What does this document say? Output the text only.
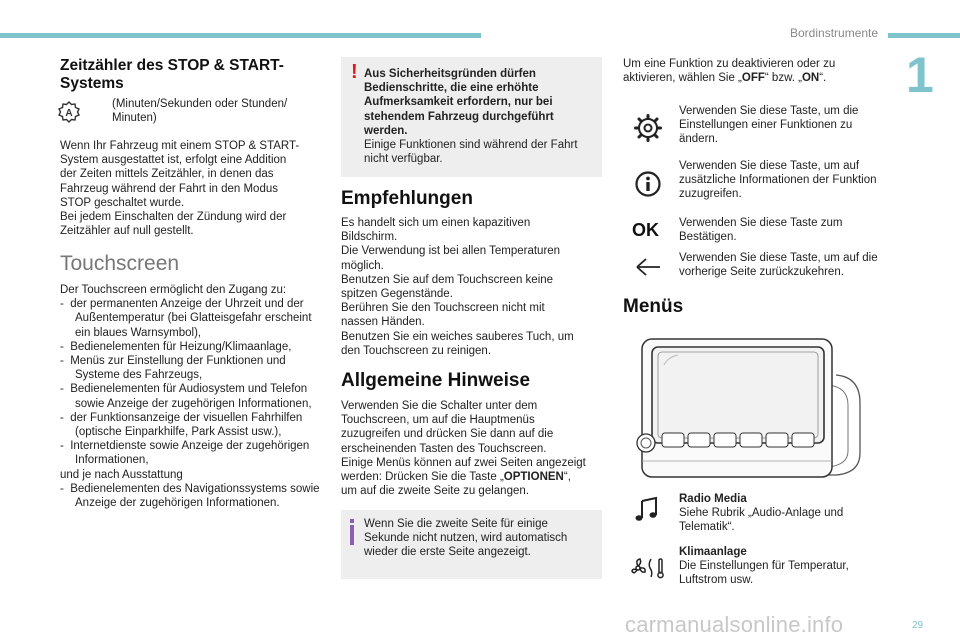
Bordinstrumente
1
Zeitzähler des STOP & START-Systems
A
(Minuten/Sekunden oder Stunden/ Minuten)
Wenn Ihr Fahrzeug mit einem STOP & START-
System ausgestattet ist, erfolgt eine Addition
der Zeiten mittels Zeitzähler, in denen das
Fahrzeug während der Fahrt in den Modus
STOP geschaltet wurde.
Bei jedem Einschalten der Zündung wird der
Zeitzähler auf null gestellt.
Touchscreen
Der Touchscreen ermöglicht den Zugang zu:
-  der permanenten Anzeige der Uhrzeit und der Außentemperatur (bei Glatteisgefahr erscheint ein blaues Warnsymbol),
-  Bedienelementen für Heizung/Klimaanlage,
-  Menüs zur Einstellung der Funktionen und Systeme des Fahrzeugs,
-  Bedienelementen für Audiosystem und Telefon sowie Anzeige der zugehörigen Informationen,
-  der Funktionsanzeige der visuellen Fahrhilfen (optische Einparkhilfe, Park Assist usw.),
-  Internetdienste sowie Anzeige der zugehörigen Informationen,
und je nach Ausstattung
-  Bedienelementen des Navigationssystems sowie Anzeige der zugehörigen Informationen.
! Aus Sicherheitsgründen dürfen Bedienschritte, die eine erhöhte Aufmerksamkeit erfordern, nur bei stehendem Fahrzeug durchgeführt werden.
Einige Funktionen sind während der Fahrt nicht verfügbar.
Empfehlungen
Es handelt sich um einen kapazitiven
Bildschirm.
Die Verwendung ist bei allen Temperaturen
möglich.
Benutzen Sie auf dem Touchscreen keine
spitzen Gegenstände.
Berühren Sie den Touchscreen nicht mit
nassen Händen.
Benutzen Sie ein weiches sauberes Tuch, um
den Touchscreen zu reinigen.
Allgemeine Hinweise
Verwenden Sie die Schalter unter dem
Touchscreen, um auf die Hauptmenüs
zuzugreifen und drücken Sie dann auf die
erscheinenden Tasten des Touchscreen.
Einige Menüs können auf zwei Seiten angezeigt
werden: Drücken Sie die Taste „OPTIONEN“,
um auf die zweite Seite zu gelangen.
Wenn Sie die zweite Seite für einige Sekunde nicht nutzen, wird automatisch wieder die erste Seite angezeigt.
Um eine Funktion zu deaktivieren oder zu
aktivieren, wählen Sie „OFF“ bzw. „ON“.
Verwenden Sie diese Taste, um die Einstellungen einer Funktionen zu ändern.
Verwenden Sie diese Taste, um auf zusätzliche Informationen der Funktion zuzugreifen.
OK Verwenden Sie diese Taste zum Bestätigen.
Verwenden Sie diese Taste, um auf die vorherige Seite zurückzukehren.
Menüs
Radio Media
Siehe Rubrik „Audio-Anlage und Telematik“.
Klimaanlage
Die Einstellungen für Temperatur, Luftstrom usw.
carmanualsonline.info	29
